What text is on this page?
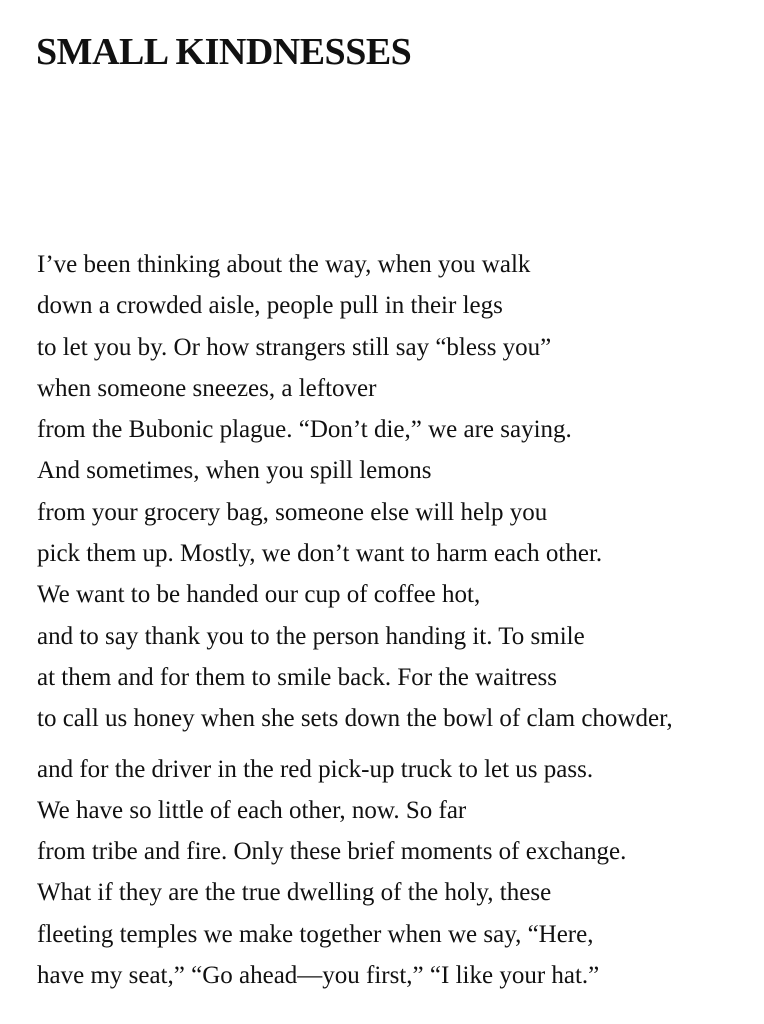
SMALL KINDNESSES
I’ve been thinking about the way, when you walk
down a crowded aisle, people pull in their legs
to let you by. Or how strangers still say “bless you”
when someone sneezes, a leftover
from the Bubonic plague. “Don’t die,” we are saying.
And sometimes, when you spill lemons
from your grocery bag, someone else will help you
pick them up. Mostly, we don’t want to harm each other.
We want to be handed our cup of coffee hot,
and to say thank you to the person handing it. To smile
at them and for them to smile back. For the waitress
to call us honey when she sets down the bowl of clam chowder,
and for the driver in the red pick-up truck to let us pass.
We have so little of each other, now. So far
from tribe and fire. Only these brief moments of exchange.
What if they are the true dwelling of the holy, these
fleeting temples we make together when we say, “Here,
have my seat,” “Go ahead—you first,” “I like your hat.”
